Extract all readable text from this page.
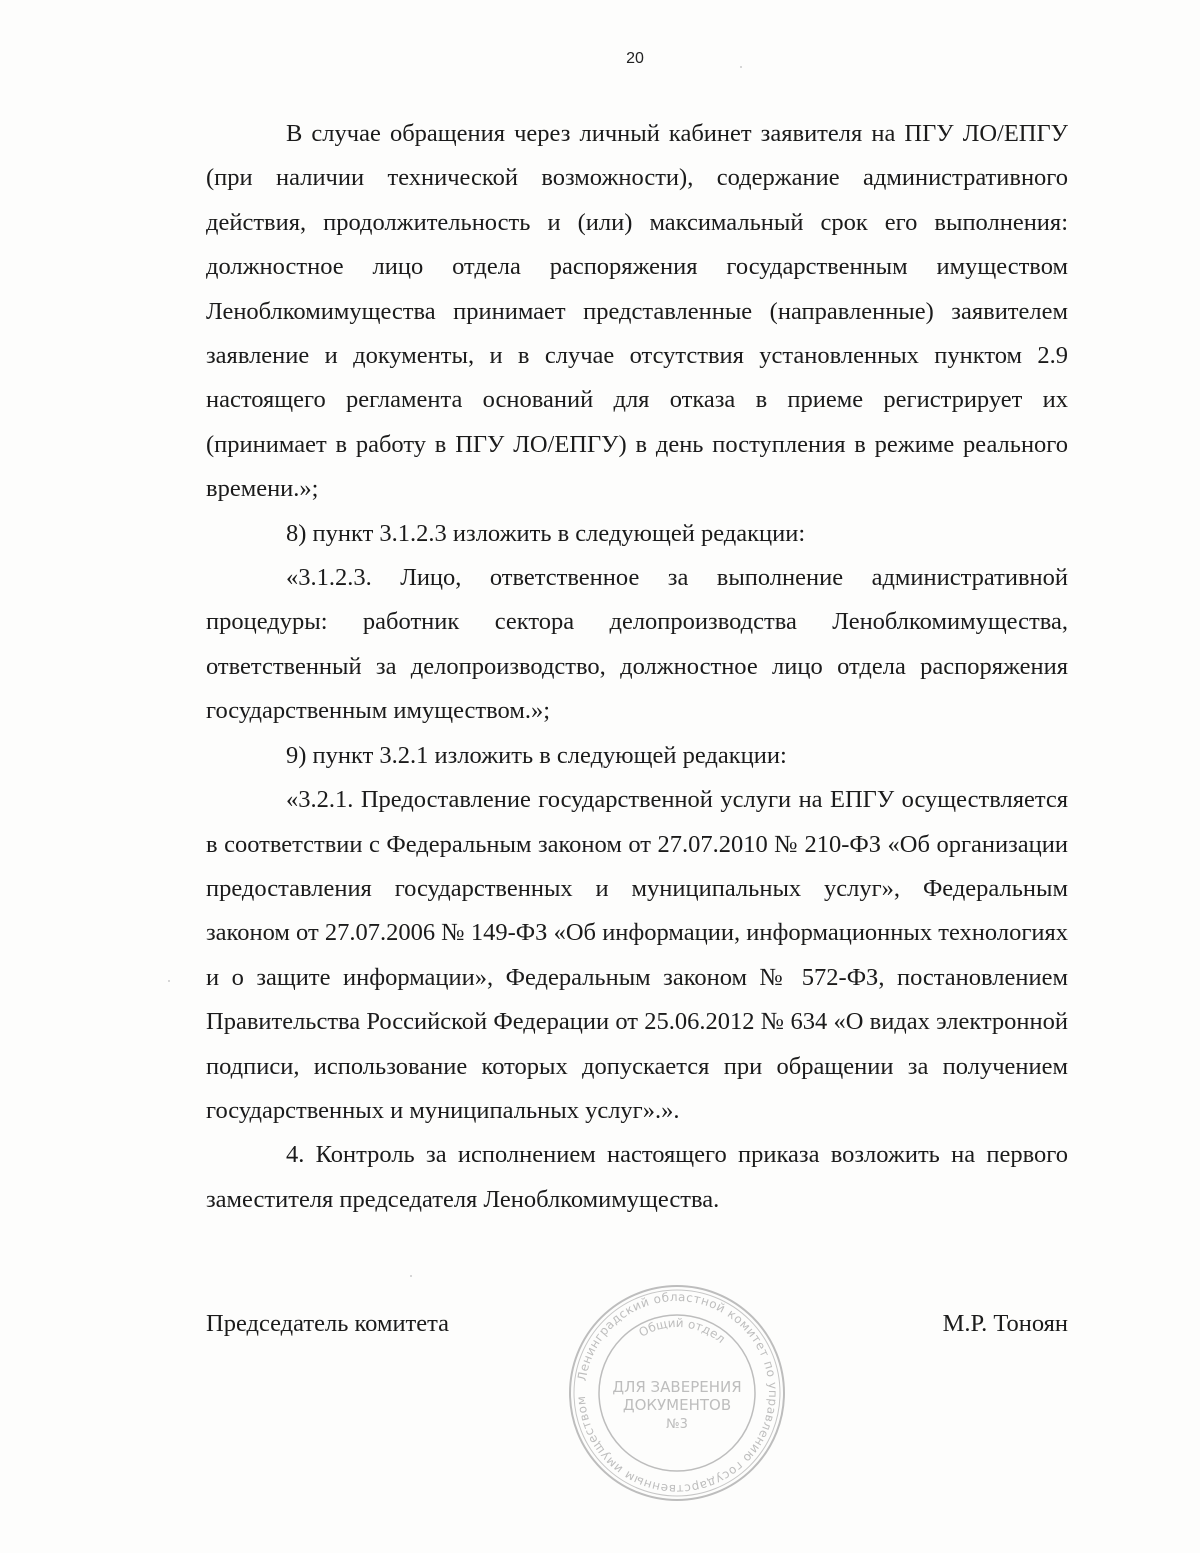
20

В случае обращения через личный кабинет заявителя на ПГУ ЛО/ЕПГУ (при наличии технической возможности), содержание административного действия, продолжительность и (или) максимальный срок его выполнения: должностное лицо отдела распоряжения государственным имуществом Леноблкомимущества принимает представленные (направленные) заявителем заявление и документы, и в случае отсутствия установленных пунктом 2.9 настоящего регламента оснований для отказа в приеме регистрирует их (принимает в работу в ПГУ ЛО/ЕПГУ) в день поступления в режиме реального времени.»;

8) пункт 3.1.2.3 изложить в следующей редакции:

«3.1.2.3. Лицо, ответственное за выполнение административной процедуры: работник сектора делопроизводства Леноблкомимущества, ответственный за делопроизводство, должностное лицо отдела распоряжения государственным имуществом.»;

9) пункт 3.2.1 изложить в следующей редакции:

«3.2.1. Предоставление государственной услуги на ЕПГУ осуществляется в соответствии с Федеральным законом от 27.07.2010 № 210-ФЗ «Об организации предоставления государственных и муниципальных услуг», Федеральным законом от 27.07.2006 № 149-ФЗ «Об информации, информационных технологиях и о защите информации», Федеральным законом № 572-ФЗ, постановлением Правительства Российской Федерации от 25.06.2012 № 634 «О видах электронной подписи, использование которых допускается при обращении за получением государственных и муниципальных услуг».».

4. Контроль за исполнением настоящего приказа возложить на первого заместителя председателя Леноблкомимущества.

Председатель комитета	М.Р. Тоноян
Ленинградский областной комитет по управлению государственным имуществом
Общий отдел
ДЛЯ ЗАВЕРЕНИЯ
ДОКУМЕНТОВ
№3
